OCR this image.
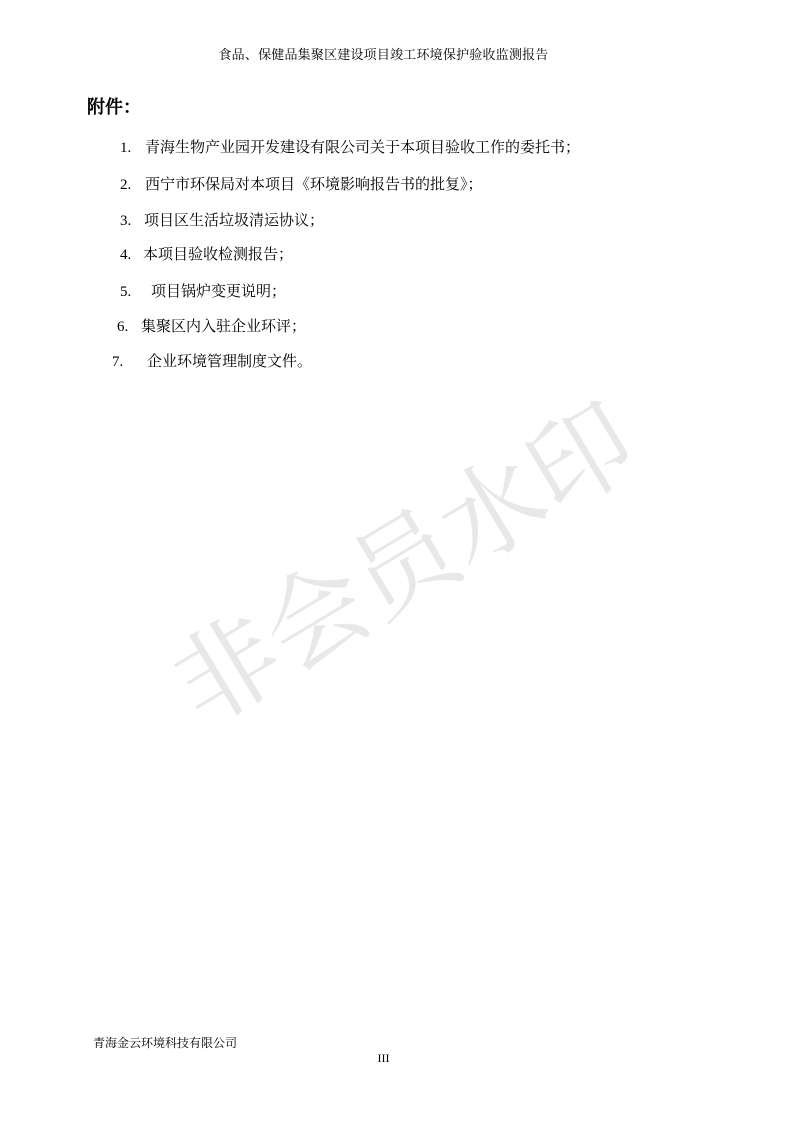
非会员水印
食品、保健品集聚区建设项目竣工环境保护验收监测报告
附件：
1. 青海生物产业园开发建设有限公司关于本项目验收工作的委托书；
2. 西宁市环保局对本项目《环境影响报告书的批复》；
3. 项目区生活垃圾清运协议；
4. 本项目验收检测报告；
5. 项目锅炉变更说明；
6. 集聚区内入驻企业环评；
7. 企业环境管理制度文件。
青海金云环境科技有限公司
III
